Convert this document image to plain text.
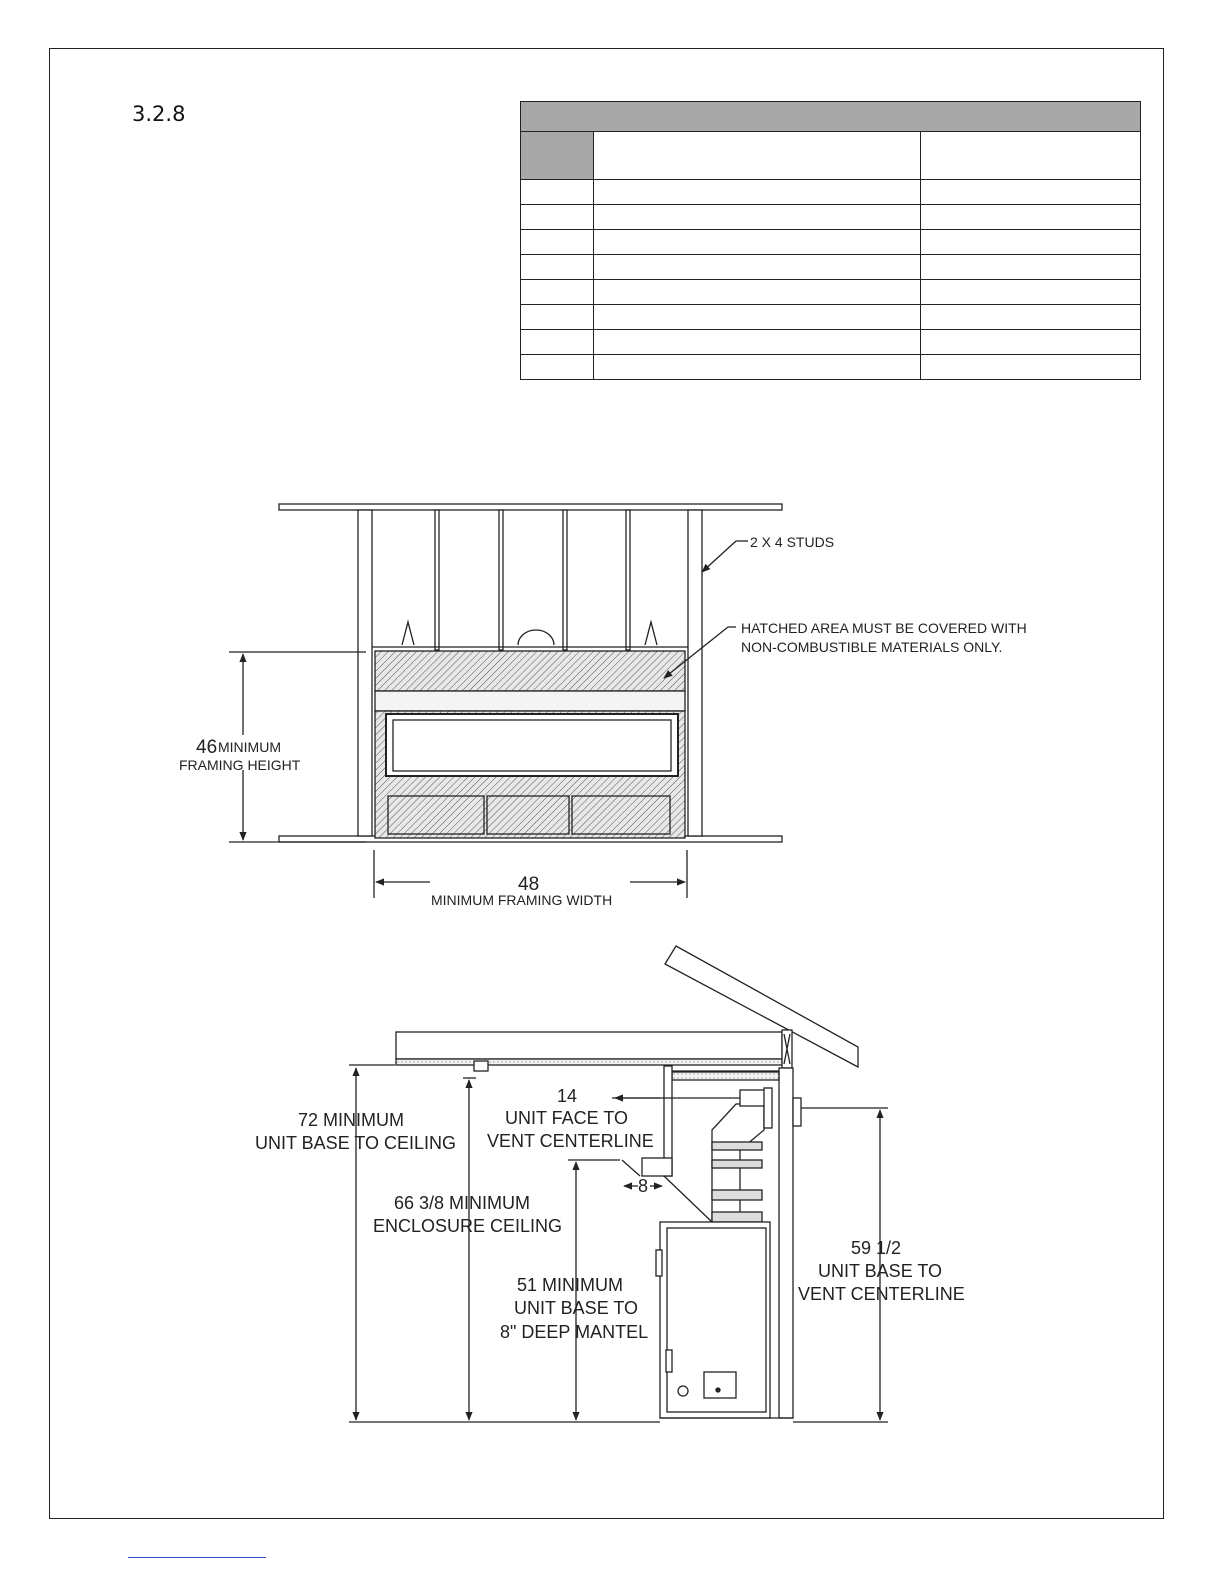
3.2.8

2 X 4 STUDS
HATCHED AREA MUST BE COVERED WITH
NON-COMBUSTIBLE MATERIALS ONLY.
46 MINIMUM
FRAMING HEIGHT
48
MINIMUM FRAMING WIDTH
72 MINIMUM
UNIT BASE TO CEILING
66 3/8 MINIMUM
ENCLOSURE CEILING
14
UNIT FACE TO
VENT CENTERLINE
8
51 MINIMUM
UNIT BASE TO
8" DEEP MANTEL
59 1/2
UNIT BASE TO
VENT CENTERLINE
